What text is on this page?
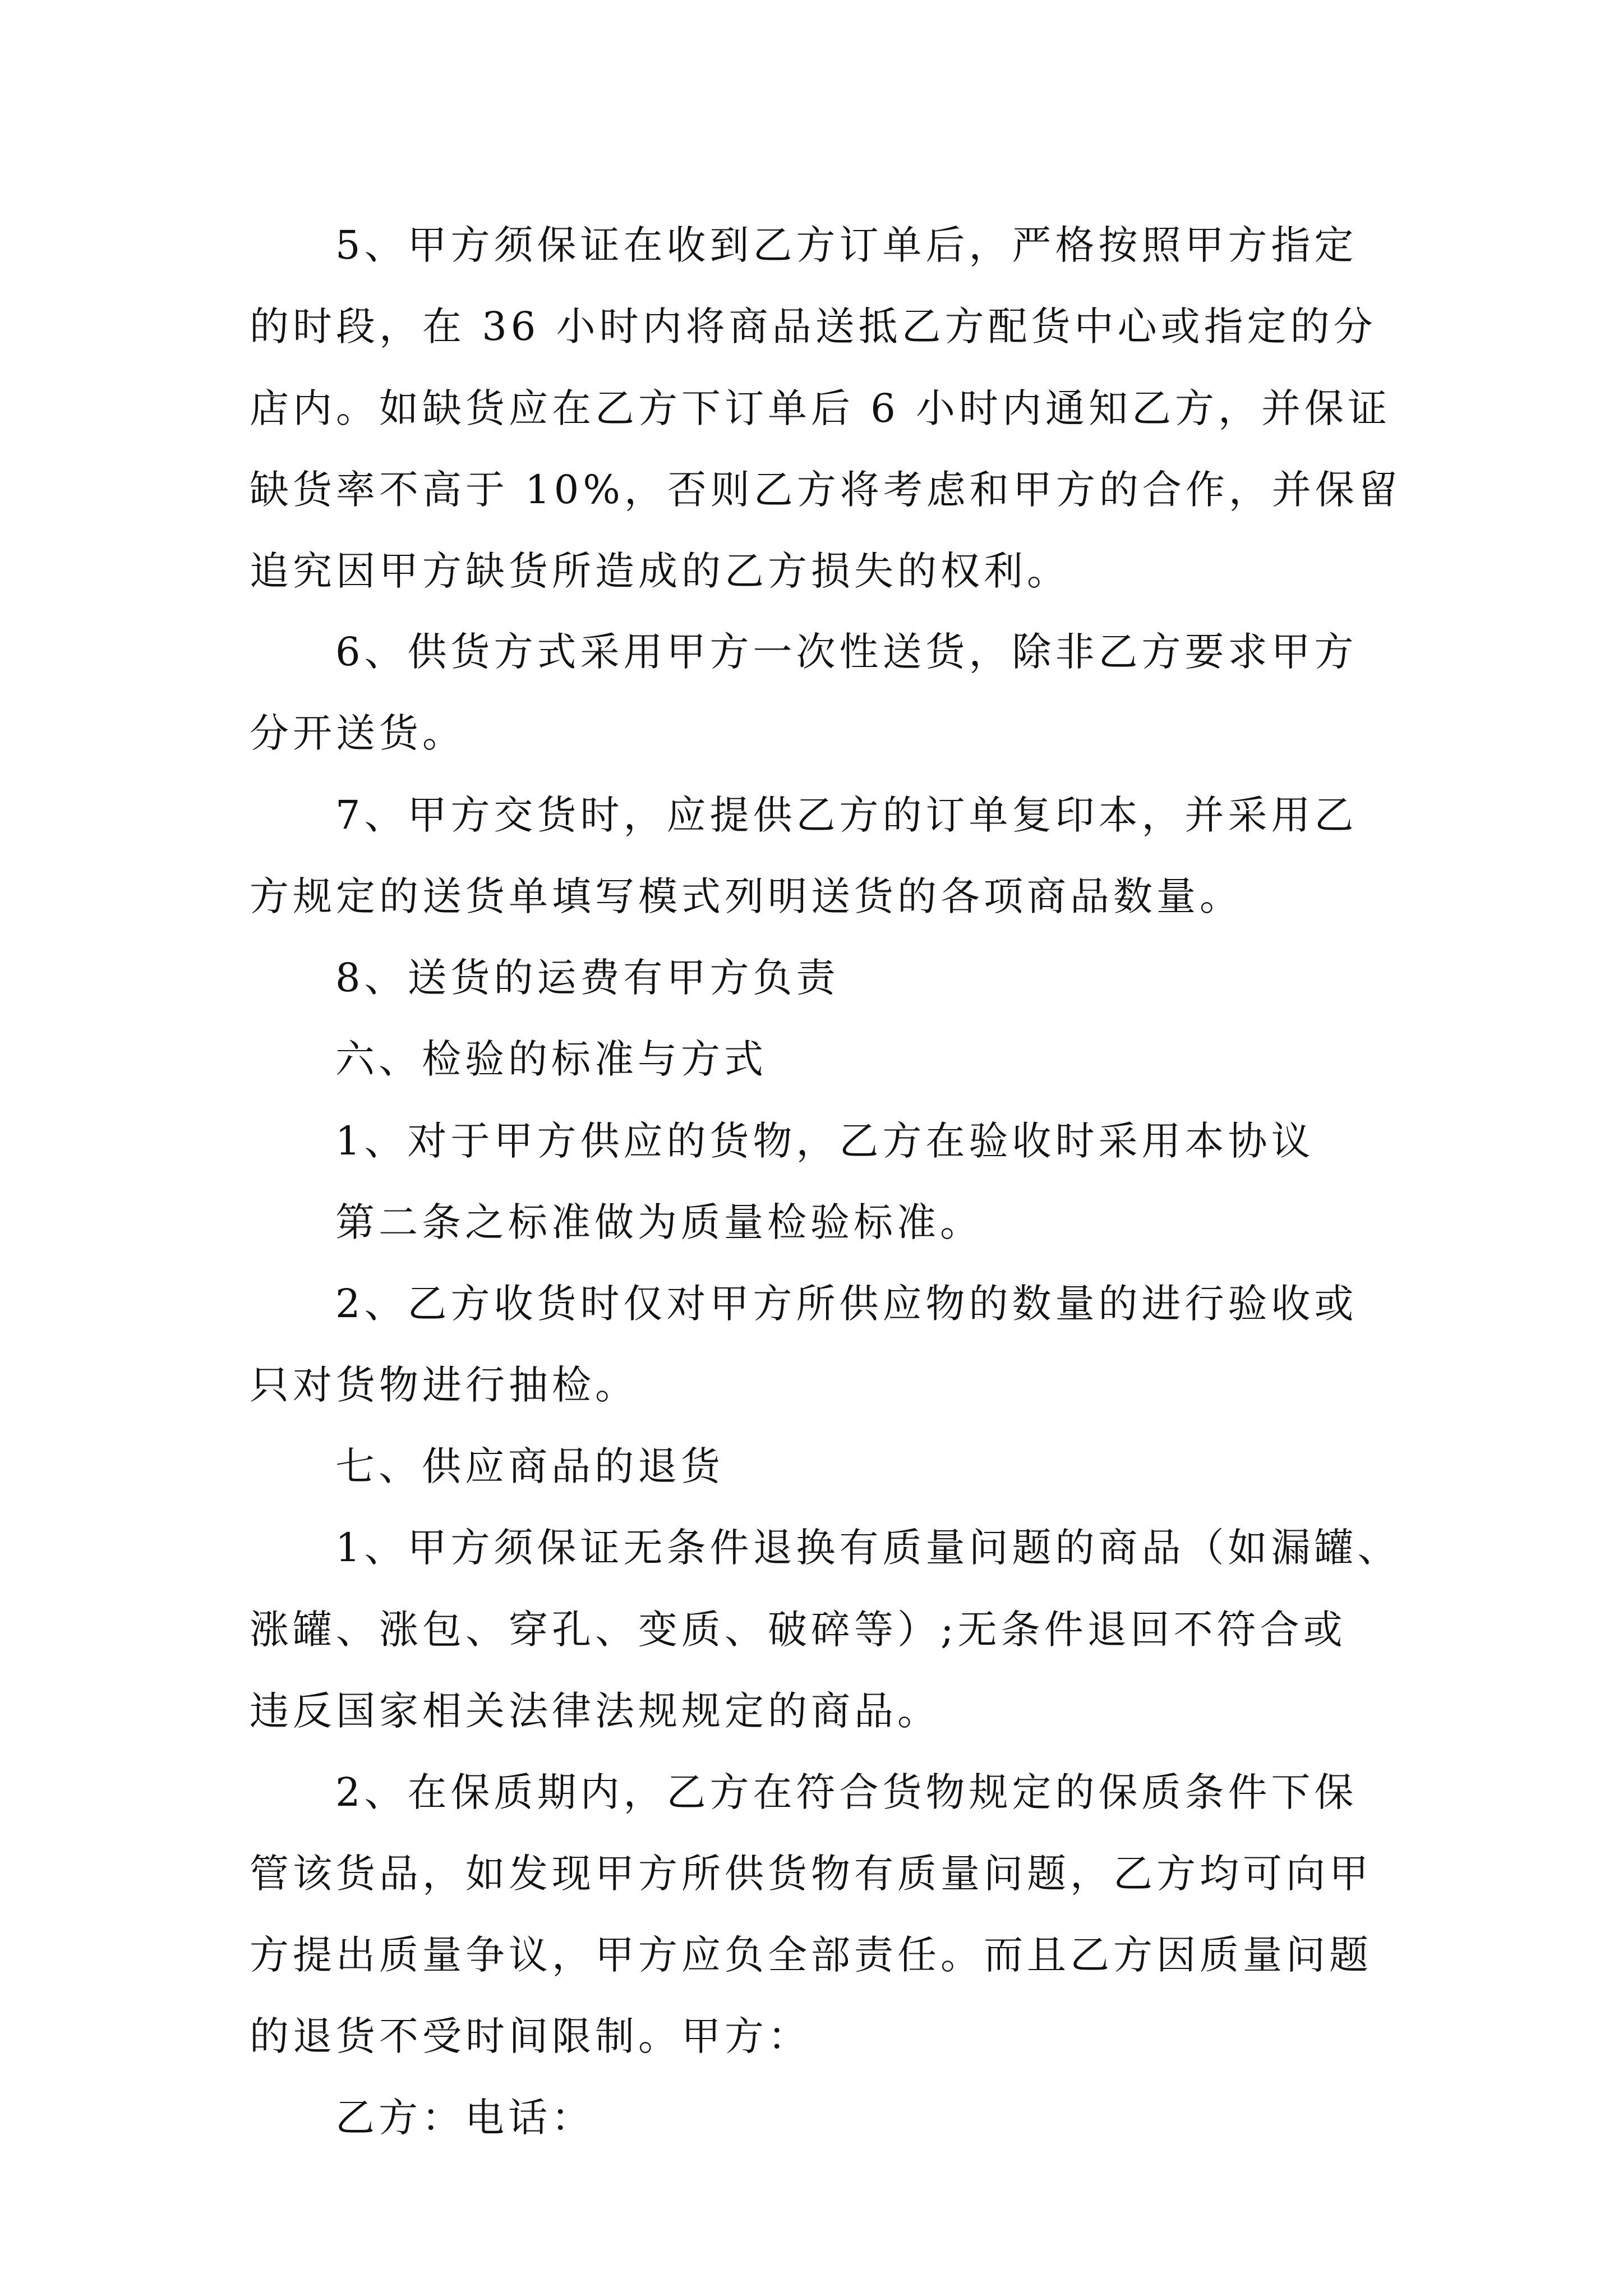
5、甲方须保证在收到乙方订单后，严格按照甲方指定
的时段，在 36 小时内将商品送抵乙方配货中心或指定的分
店内。如缺货应在乙方下订单后 6 小时内通知乙方，并保证
缺货率不高于 10%，否则乙方将考虑和甲方的合作，并保留
追究因甲方缺货所造成的乙方损失的权利。
6、供货方式采用甲方一次性送货，除非乙方要求甲方
分开送货。
7、甲方交货时，应提供乙方的订单复印本，并采用乙
方规定的送货单填写模式列明送货的各项商品数量。
8、送货的运费有甲方负责
六、检验的标准与方式
1、对于甲方供应的货物，乙方在验收时采用本协议
第二条之标准做为质量检验标准。
2、乙方收货时仅对甲方所供应物的数量的进行验收或
只对货物进行抽检。
七、供应商品的退货
1、甲方须保证无条件退换有质量问题的商品（如漏罐、
涨罐、涨包、穿孔、变质、破碎等）;无条件退回不符合或
违反国家相关法律法规规定的商品。
2、在保质期内，乙方在符合货物规定的保质条件下保
管该货品，如发现甲方所供货物有质量问题，乙方均可向甲
方提出质量争议，甲方应负全部责任。而且乙方因质量问题
的退货不受时间限制。甲方：
乙方：电话：
